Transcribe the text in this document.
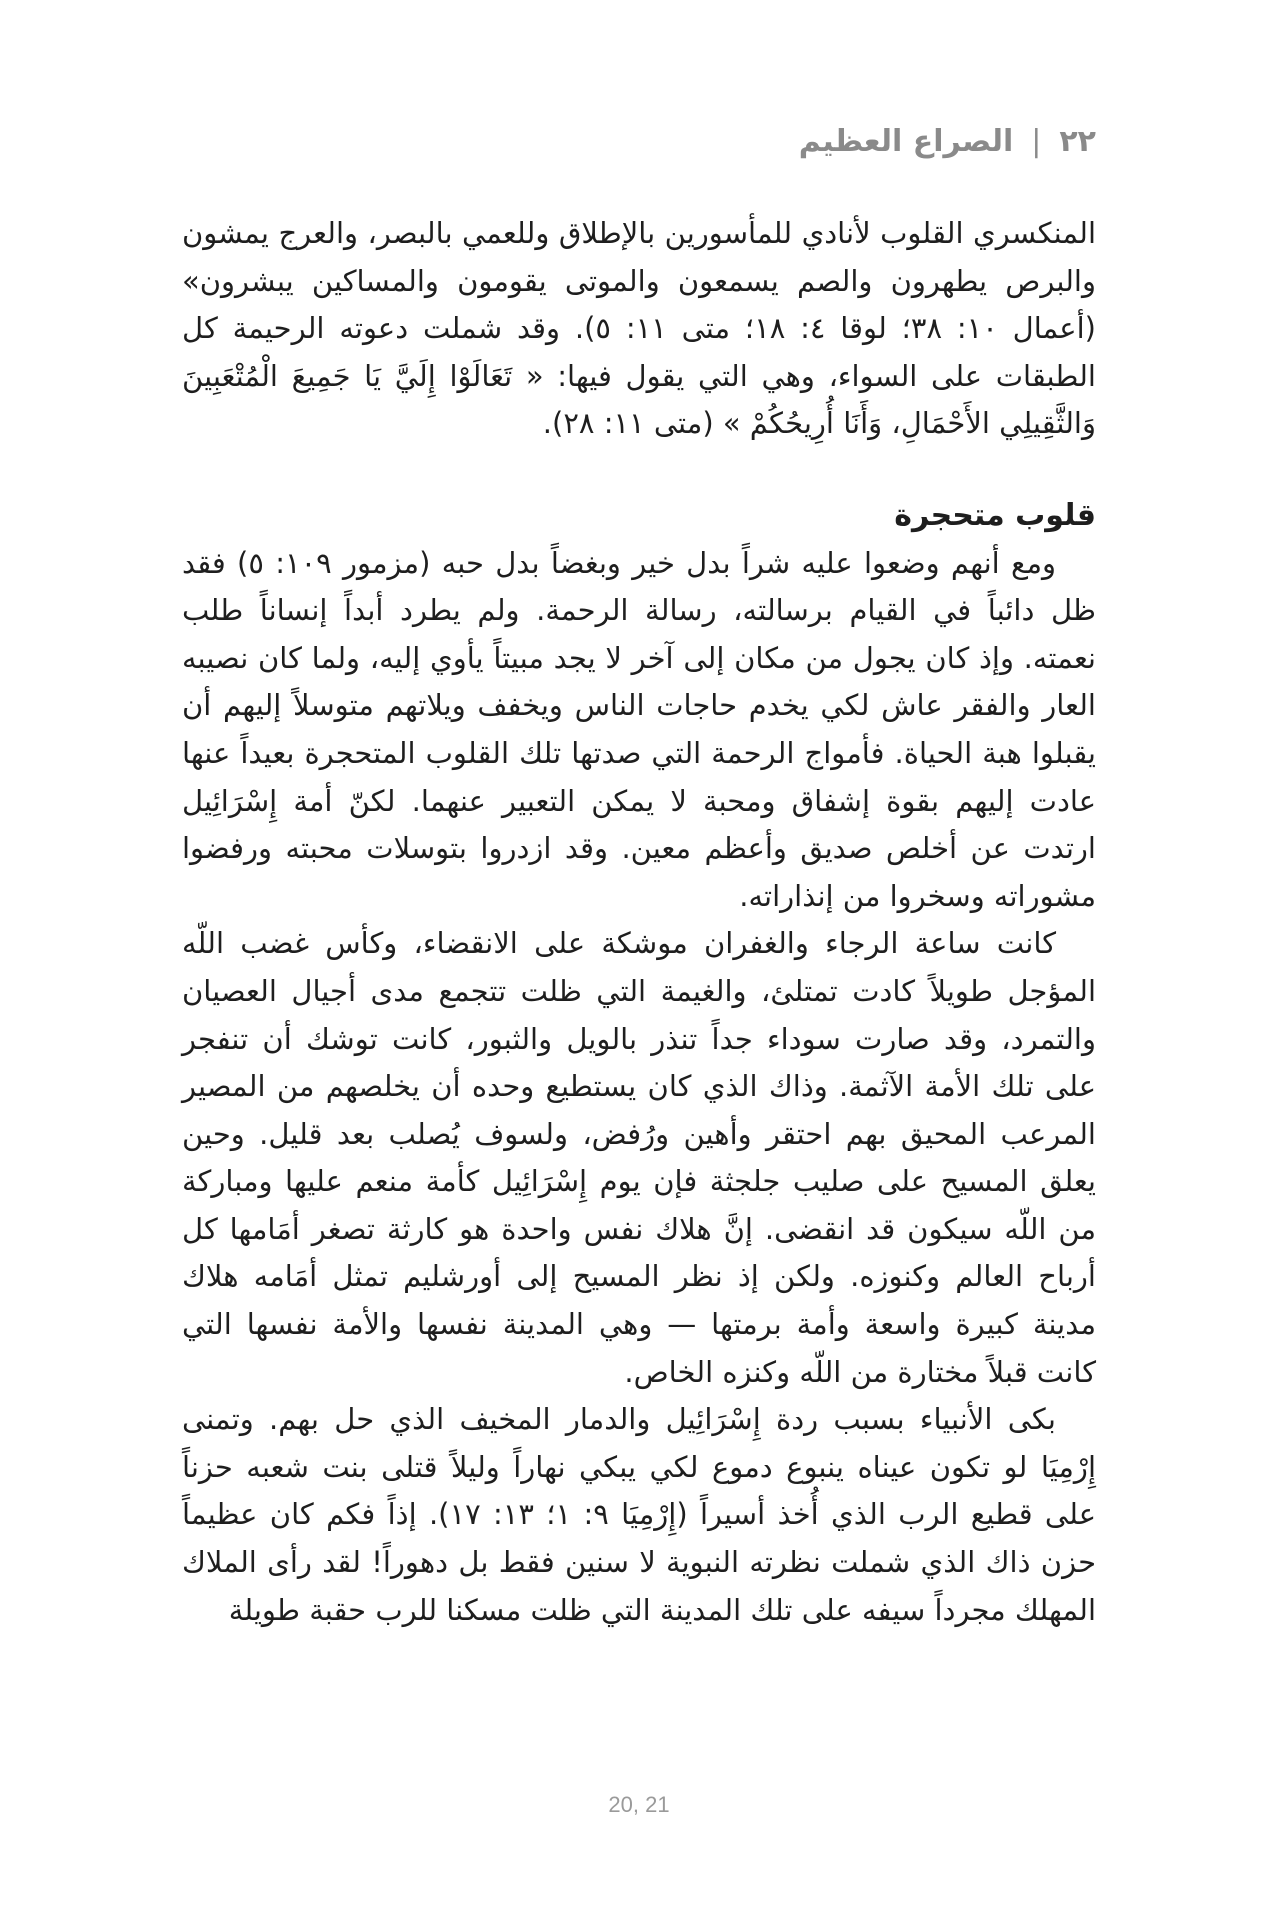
٢٢
|
الصراع العظيم

المنكسري القلوب لأنادي للمأسورين بالإطلاق وللعمي بالبصر، والعرج يمشون والبرص يطهرون والصم يسمعون والموتى يقومون والمساكين يبشرون» (أعمال ١٠: ٣٨؛ لوقا ٤: ١٨؛ متى ١١: ٥). وقد شملت دعوته الرحيمة كل الطبقات على السواء، وهي التي يقول فيها: « تَعَالَوْا إِلَيَّ يَا جَمِيعَ الْمُتْعَبِينَ وَالثَّقِيلِي الأَحْمَالِ، وَأَنَا أُرِيحُكُمْ » (متى ١١: ٢٨).

قلوب متحجرة

ومع أنهم وضعوا عليه شراً بدل خير وبغضاً بدل حبه (مزمور ١٠٩: ٥) فقد ظل دائباً في القيام برسالته، رسالة الرحمة. ولم يطرد أبداً إنساناً طلب نعمته. وإذ كان يجول من مكان إلى آخر لا يجد مبيتاً يأوي إليه، ولما كان نصيبه العار والفقر عاش لكي يخدم حاجات الناس ويخفف ويلاتهم متوسلاً إليهم أن يقبلوا هبة الحياة. فأمواج الرحمة التي صدتها تلك القلوب المتحجرة بعيداً عنها عادت إليهم بقوة إشفاق ومحبة لا يمكن التعبير عنهما. لكنّ أمة إِسْرَائِيل ارتدت عن أخلص صديق وأعظم معين. وقد ازدروا بتوسلات محبته ورفضوا مشوراته وسخروا من إنذاراته.

كانت ساعة الرجاء والغفران موشكة على الانقضاء، وكأس غضب اللّه المؤجل طويلاً كادت تمتلئ، والغيمة التي ظلت تتجمع مدى أجيال العصيان والتمرد، وقد صارت سوداء جداً تنذر بالويل والثبور، كانت توشك أن تنفجر على تلك الأمة الآثمة. وذاك الذي كان يستطيع وحده أن يخلصهم من المصير المرعب المحيق بهم احتقر وأهين ورُفض، ولسوف يُصلب بعد قليل. وحين يعلق المسيح على صليب جلجثة فإن يوم إِسْرَائِيل كأمة منعم عليها ومباركة من اللّه سيكون قد انقضى. إنَّ هلاك نفس واحدة هو كارثة تصغر أمَامها كل أرباح العالم وكنوزه. ولكن إذ نظر المسيح إلى أورشليم تمثل أمَامه هلاك مدينة كبيرة واسعة وأمة برمتها — وهي المدينة نفسها والأمة نفسها التي كانت قبلاً مختارة من اللّه وكنزه الخاص.

بكى الأنبياء بسبب ردة إِسْرَائِيل والدمار المخيف الذي حل بهم. وتمنى إِرْمِيَا لو تكون عيناه ينبوع دموع لكي يبكي نهاراً وليلاً قتلى بنت شعبه حزناً على قطيع الرب الذي أُخذ أسيراً (إِرْمِيَا ٩: ١؛ ١٣: ١٧). إذاً فكم كان عظيماً حزن ذاك الذي شملت نظرته النبوية لا سنين فقط بل دهوراً! لقد رأى الملاك المهلك مجرداً سيفه على تلك المدينة التي ظلت مسكنا للرب حقبة طويلة

20, 21
